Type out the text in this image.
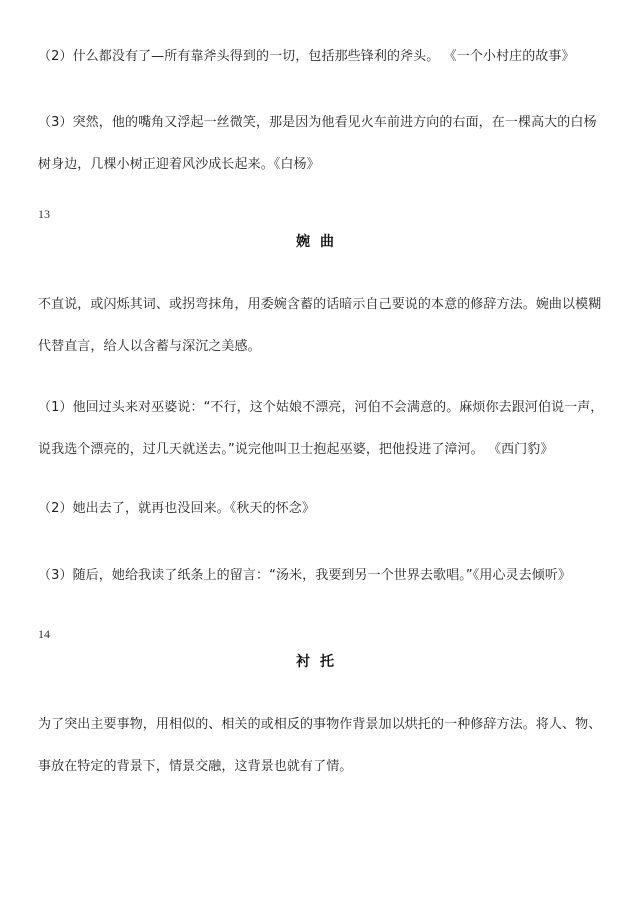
（2）什么都没有了—所有靠斧头得到的一切，包括那些锋利的斧头。 《一个小村庄的故事》

（3）突然，他的嘴角又浮起一丝微笑，那是因为他看见火车前进方向的右面，在一棵高大的白杨树身边，几棵小树正迎着风沙成长起来。《白杨》

13
婉曲

不直说，或闪烁其词、或拐弯抹角，用委婉含蓄的话暗示自己要说的本意的修辞方法。婉曲以模糊代替直言，给人以含蓄与深沉之美感。

（1）他回过头来对巫婆说：“不行，这个姑娘不漂亮，河伯不会满意的。麻烦你去跟河伯说一声，说我选个漂亮的，过几天就送去。”说完他叫卫士抱起巫婆，把他投进了漳河。 《西门豹》

（2）她出去了，就再也没回来。《秋天的怀念》

（3）随后，她给我读了纸条上的留言：“汤米，我要到另一个世界去歌唱。”《用心灵去倾听》

14
衬托

为了突出主要事物，用相似的、相关的或相反的事物作背景加以烘托的一种修辞方法。将人、物、事放在特定的背景下，情景交融，这背景也就有了情。
